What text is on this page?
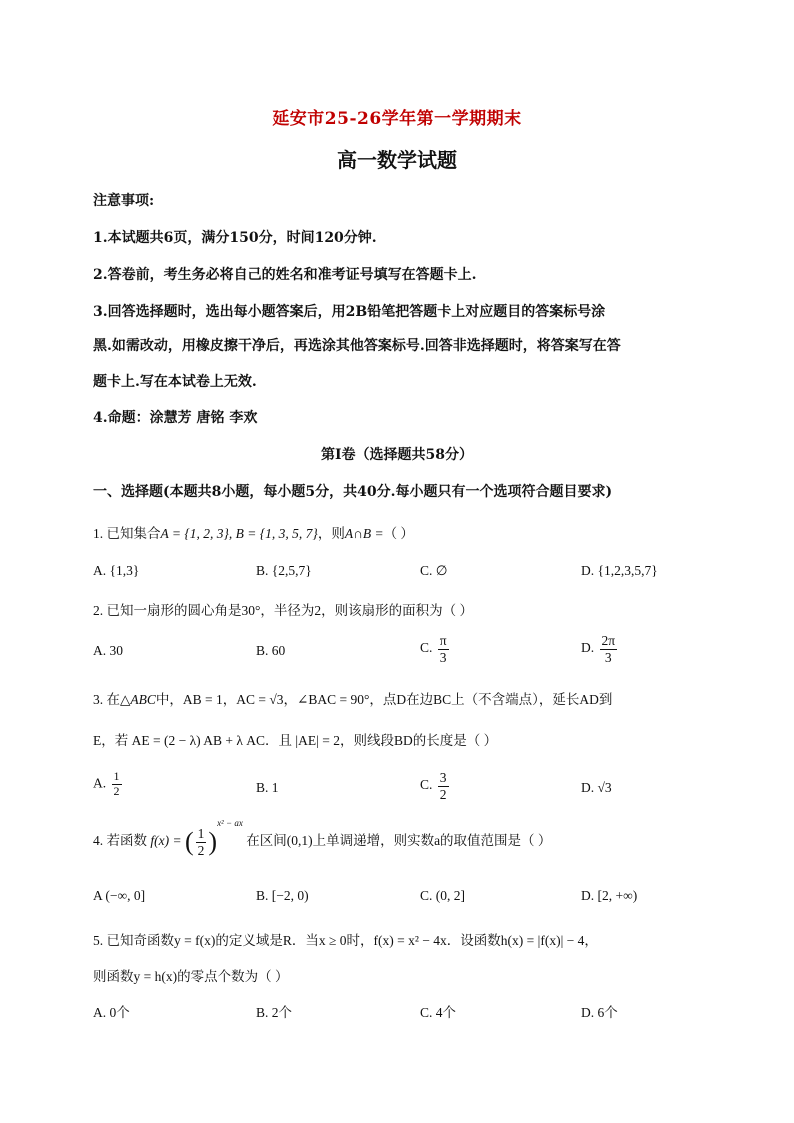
延安市25-26学年第一学期期末
高一数学试题
注意事项:
1.本试题共6页，满分150分，时间120分钟.
2.答卷前，考生务必将自己的姓名和准考证号填写在答题卡上.
3.回答选择题时，选出每小题答案后，用2B铅笔把答题卡上对应题目的答案标号涂
黑.如需改动，用橡皮擦干净后，再选涂其他答案标号.回答非选择题时，将答案写在答
题卡上.写在本试卷上无效.
4.命题：涂慧芳 唐铭 李欢
第I卷（选择题共58分）
一、选择题(本题共8小题，每小题5分，共40分.每小题只有一个选项符合题目要求)
1. 已知集合A = {1, 2, 3}, B = {1, 3, 5, 7}，则A∩B =（ ）
A. {1,3}	B. {2,5,7}	C. ∅	D. {1,2,3,5,7}
2. 已知一扇形的圆心角是30°，半径为2，则该扇形的面积为（ ）
A. 30	B. 60	C. $\frac{\pi}{3}$	D. $\frac{2\pi}{3}$
3. 在△ABC中，AB = 1，AC = √3，∠BAC = 90°，点D在边BC上（不含端点），延长AD到
E，若 AE = (2 − λ) AB + λ AC．且 |AE| = 2，则线段BD的长度是（ ）
A. $\frac{1}{2}$	B. 1	C. $\frac{3}{2}$	D. √3
4. 若函数 f(x) = ( $\frac{1}{2} )^{x^2 - ax}$ 在区间(0,1)上单调递增，则实数a的取值范围是（ ）
A (−∞, 0]	B. [−2, 0)	C. (0, 2]	D. [2, +∞)
5. 已知奇函数y = f(x)的定义域是R．当x ≥ 0时，f(x) = x² − 4x．设函数h(x) = |f(x)| − 4，
则函数y = h(x)的零点个数为（ ）
A. 0个	B. 2个	C. 4个	D. 6个
